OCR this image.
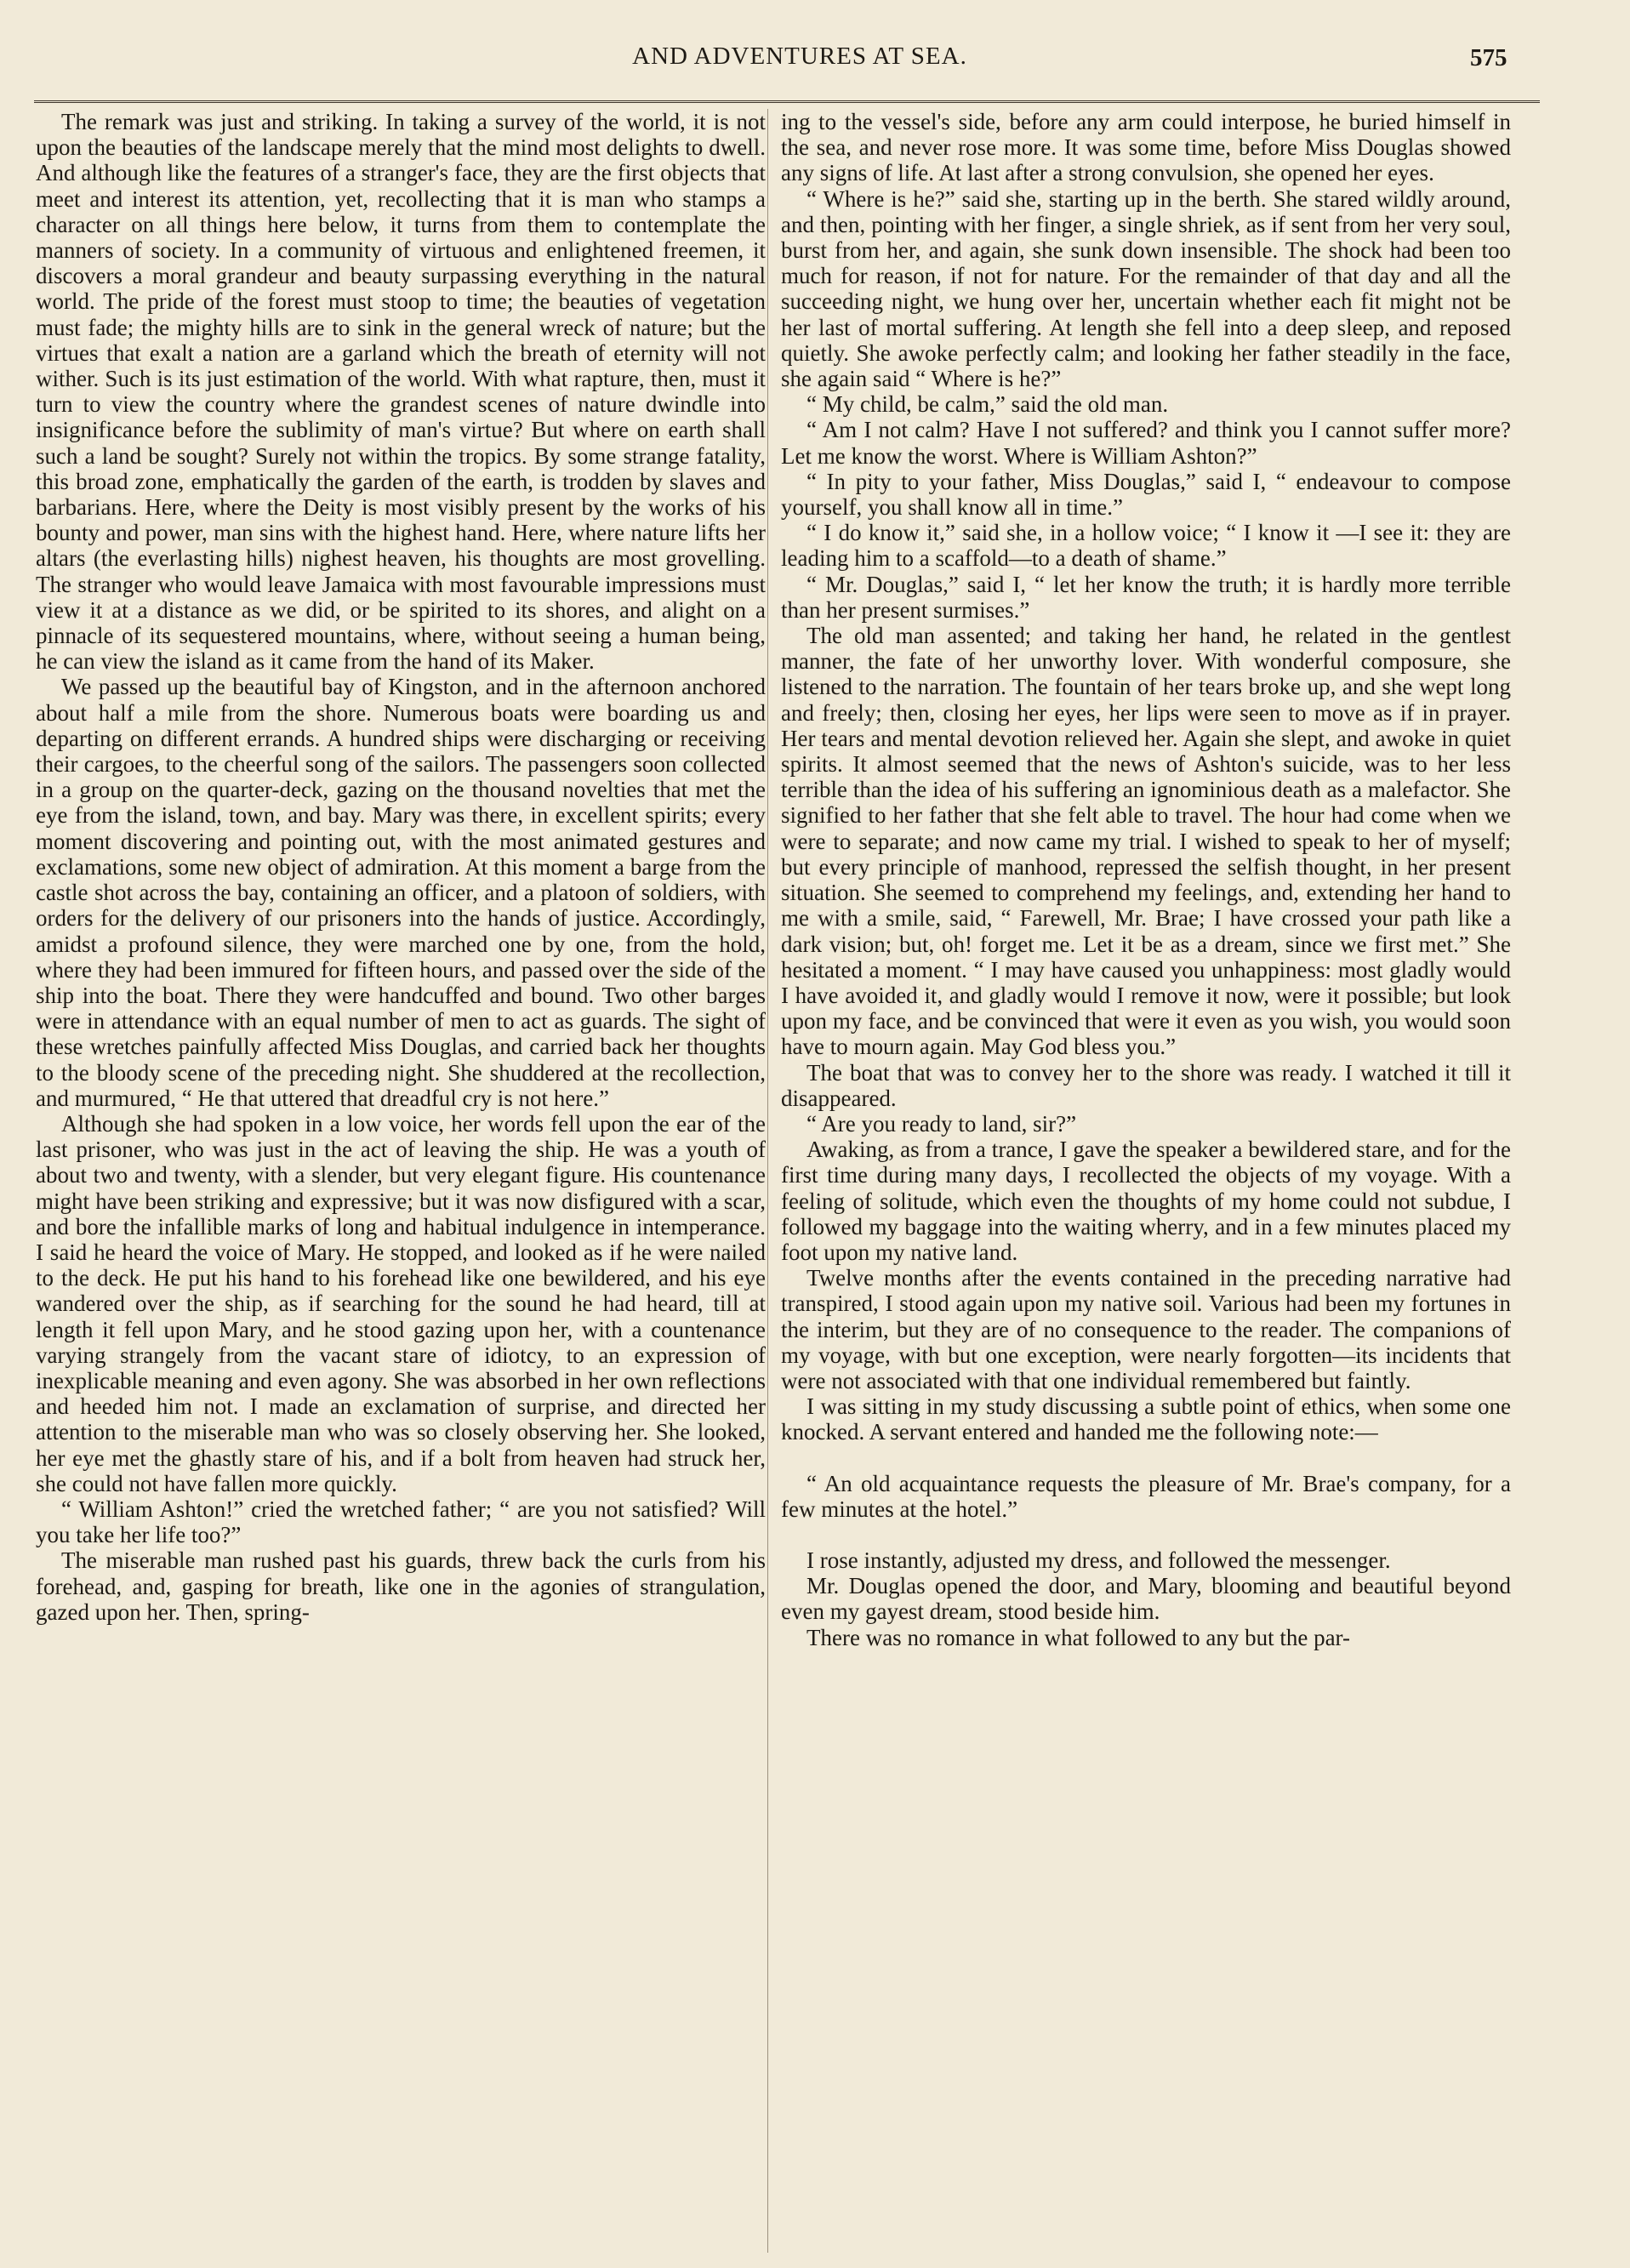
AND ADVENTURES AT SEA.	575

The remark was just and striking. In taking a survey of the world, it is not upon the beauties of the landscape merely that the mind most delights to dwell. And although like the features of a stranger's face, they are the first objects that meet and interest its attention, yet, recollecting that it is man who stamps a character on all things here below, it turns from them to contemplate the manners of society. In a community of virtuous and enlightened freemen, it discovers a moral grandeur and beauty surpassing everything in the natural world. The pride of the forest must stoop to time; the beauties of vegetation must fade; the mighty hills are to sink in the general wreck of nature; but the virtues that exalt a nation are a garland which the breath of eternity will not wither. Such is its just estimation of the world. With what rapture, then, must it turn to view the country where the grandest scenes of nature dwindle into insignificance before the sublimity of man's virtue? But where on earth shall such a land be sought? Surely not within the tropics. By some strange fatality, this broad zone, emphatically the garden of the earth, is trodden by slaves and barbarians. Here, where the Deity is most visibly present by the works of his bounty and power, man sins with the highest hand. Here, where nature lifts her altars (the everlasting hills) nighest heaven, his thoughts are most grovelling. The stranger who would leave Jamaica with most favourable impressions must view it at a distance as we did, or be spirited to its shores, and alight on a pinnacle of its sequestered mountains, where, without seeing a human being, he can view the island as it came from the hand of its Maker.

We passed up the beautiful bay of Kingston, and in the afternoon anchored about half a mile from the shore. Numerous boats were boarding us and departing on different errands. A hundred ships were discharging or receiving their cargoes, to the cheerful song of the sailors. The passengers soon collected in a group on the quarter-deck, gazing on the thousand novelties that met the eye from the island, town, and bay. Mary was there, in excellent spirits; every moment discovering and pointing out, with the most animated gestures and exclamations, some new object of admiration. At this moment a barge from the castle shot across the bay, containing an officer, and a platoon of soldiers, with orders for the delivery of our prisoners into the hands of justice. Accordingly, amidst a profound silence, they were marched one by one, from the hold, where they had been immured for fifteen hours, and passed over the side of the ship into the boat. There they were handcuffed and bound. Two other barges were in attendance with an equal number of men to act as guards. The sight of these wretches painfully affected Miss Douglas, and carried back her thoughts to the bloody scene of the preceding night. She shuddered at the recollection, and murmured, “ He that uttered that dreadful cry is not here.”

Although she had spoken in a low voice, her words fell upon the ear of the last prisoner, who was just in the act of leaving the ship. He was a youth of about two and twenty, with a slender, but very elegant figure. His countenance might have been striking and expressive; but it was now disfigured with a scar, and bore the infallible marks of long and habitual indulgence in intemperance. I said he heard the voice of Mary. He stopped, and looked as if he were nailed to the deck. He put his hand to his forehead like one bewildered, and his eye wandered over the ship, as if searching for the sound he had heard, till at length it fell upon Mary, and he stood gazing upon her, with a countenance varying strangely from the vacant stare of idiotcy, to an expression of inexplicable meaning and even agony. She was absorbed in her own reflections and heeded him not. I made an exclamation of surprise, and directed her attention to the miserable man who was so closely observing her. She looked, her eye met the ghastly stare of his, and if a bolt from heaven had struck her, she could not have fallen more quickly.

“ William Ashton!” cried the wretched father; “ are you not satisfied? Will you take her life too?”

The miserable man rushed past his guards, threw back the curls from his forehead, and, gasping for breath, like one in the agonies of strangulation, gazed upon her. Then, spring-

ing to the vessel's side, before any arm could interpose, he buried himself in the sea, and never rose more. It was some time, before Miss Douglas showed any signs of life. At last after a strong convulsion, she opened her eyes.

“ Where is he?” said she, starting up in the berth. She stared wildly around, and then, pointing with her finger, a single shriek, as if sent from her very soul, burst from her, and again, she sunk down insensible. The shock had been too much for reason, if not for nature. For the remainder of that day and all the succeeding night, we hung over her, uncertain whether each fit might not be her last of mortal suffering. At length she fell into a deep sleep, and reposed quietly. She awoke perfectly calm; and looking her father steadily in the face, she again said “ Where is he?”

“ My child, be calm,” said the old man.

“ Am I not calm? Have I not suffered? and think you I cannot suffer more? Let me know the worst. Where is William Ashton?”

“ In pity to your father, Miss Douglas,” said I, “ endeavour to compose yourself, you shall know all in time.”

“ I do know it,” said she, in a hollow voice; “ I know it —I see it: they are leading him to a scaffold—to a death of shame.”

“ Mr. Douglas,” said I, “ let her know the truth; it is hardly more terrible than her present surmises.”

The old man assented; and taking her hand, he related in the gentlest manner, the fate of her unworthy lover. With wonderful composure, she listened to the narration. The fountain of her tears broke up, and she wept long and freely; then, closing her eyes, her lips were seen to move as if in prayer. Her tears and mental devotion relieved her. Again she slept, and awoke in quiet spirits. It almost seemed that the news of Ashton's suicide, was to her less terrible than the idea of his suffering an ignominious death as a malefactor. She signified to her father that she felt able to travel. The hour had come when we were to separate; and now came my trial. I wished to speak to her of myself; but every principle of manhood, repressed the selfish thought, in her present situation. She seemed to comprehend my feelings, and, extending her hand to me with a smile, said, “ Farewell, Mr. Brae; I have crossed your path like a dark vision; but, oh! forget me. Let it be as a dream, since we first met.” She hesitated a moment. “ I may have caused you unhappiness: most gladly would I have avoided it, and gladly would I remove it now, were it possible; but look upon my face, and be convinced that were it even as you wish, you would soon have to mourn again. May God bless you.”

The boat that was to convey her to the shore was ready. I watched it till it disappeared.

“ Are you ready to land, sir?”

Awaking, as from a trance, I gave the speaker a bewildered stare, and for the first time during many days, I recollected the objects of my voyage. With a feeling of solitude, which even the thoughts of my home could not subdue, I followed my baggage into the waiting wherry, and in a few minutes placed my foot upon my native land.

Twelve months after the events contained in the preceding narrative had transpired, I stood again upon my native soil. Various had been my fortunes in the interim, but they are of no consequence to the reader. The companions of my voyage, with but one exception, were nearly forgotten—its incidents that were not associated with that one individual remembered but faintly.

I was sitting in my study discussing a subtle point of ethics, when some one knocked. A servant entered and handed me the following note:—

“ An old acquaintance requests the pleasure of Mr. Brae's company, for a few minutes at the hotel.”

I rose instantly, adjusted my dress, and followed the messenger.

Mr. Douglas opened the door, and Mary, blooming and beautiful beyond even my gayest dream, stood beside him.

There was no romance in what followed to any but the par-
